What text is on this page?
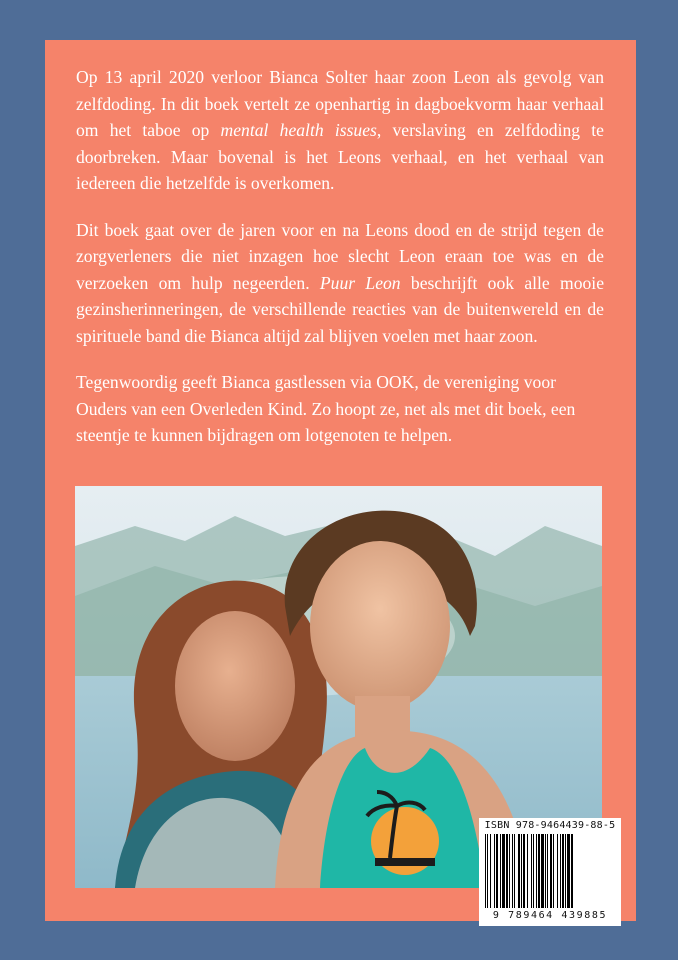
Op 13 april 2020 verloor Bianca Solter haar zoon Leon als gevolg van zelfdoding. In dit boek vertelt ze openhartig in dagboekvorm haar verhaal om het taboe op mental health issues, verslaving en zelfdoding te doorbreken. Maar bovenal is het Leons verhaal, en het verhaal van iedereen die hetzelfde is overkomen.

Dit boek gaat over de jaren voor en na Leons dood en de strijd tegen de zorgverleners die niet inzagen hoe slecht Leon eraan toe was en de verzoeken om hulp negeerden. Puur Leon beschrijft ook alle mooie gezinsherinneringen, de verschillende reacties van de buitenwereld en de spirituele band die Bianca altijd zal blijven voelen met haar zoon.

Tegenwoordig geeft Bianca gastlessen via OOK, de vereniging voor Ouders van een Overleden Kind. Zo hoopt ze, net als met dit boek, een steentje te kunnen bijdragen om lotgenoten te helpen.

ISBN 978-9464439-88-5
9 789464 439885
